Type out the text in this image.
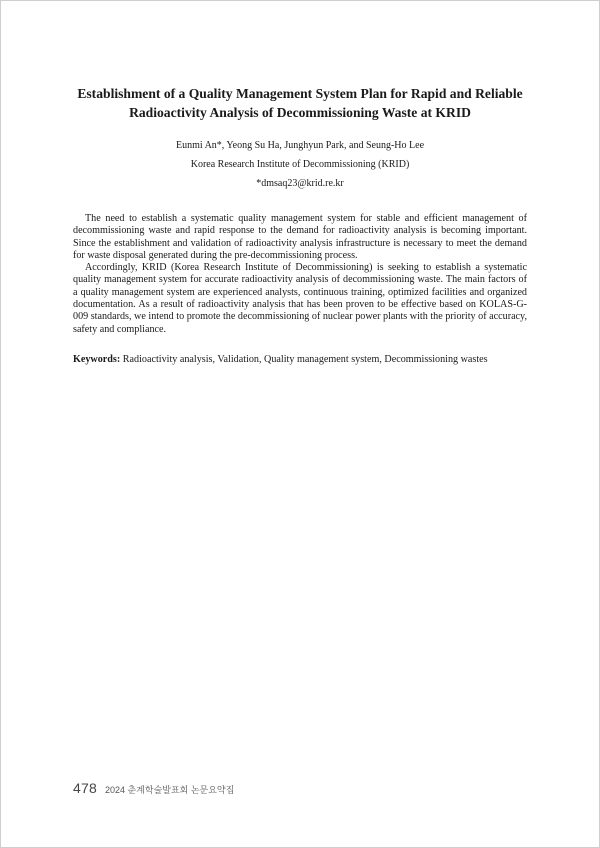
Establishment of a Quality Management System Plan for Rapid and Reliable
Radioactivity Analysis of Decommissioning Waste at KRID
Eunmi An*, Yeong Su Ha, Junghyun Park, and Seung-Ho Lee
Korea Research Institute of Decommissioning (KRID)
*dmsaq23@krid.re.kr

The need to establish a systematic quality management system for stable and efficient management of decommissioning waste and rapid response to the demand for radioactivity analysis is becoming important. Since the establishment and validation of radioactivity analysis infrastructure is necessary to meet the demand for waste disposal generated during the pre-decommissioning process.

Accordingly, KRID (Korea Research Institute of Decommissioning) is seeking to establish a systematic quality management system for accurate radioactivity analysis of decommissioning waste. The main factors of a quality management system are experienced analysts, continuous training, optimized facilities and organized documentation. As a result of radioactivity analysis that has been proven to be effective based on KOLAS-G-009 standards, we intend to promote the decommissioning of nuclear power plants with the priority of accuracy, safety and compliance.

Keywords: Radioactivity analysis, Validation, Quality management system, Decommissioning wastes
478 2024 춘계학술발표회 논문요약집
